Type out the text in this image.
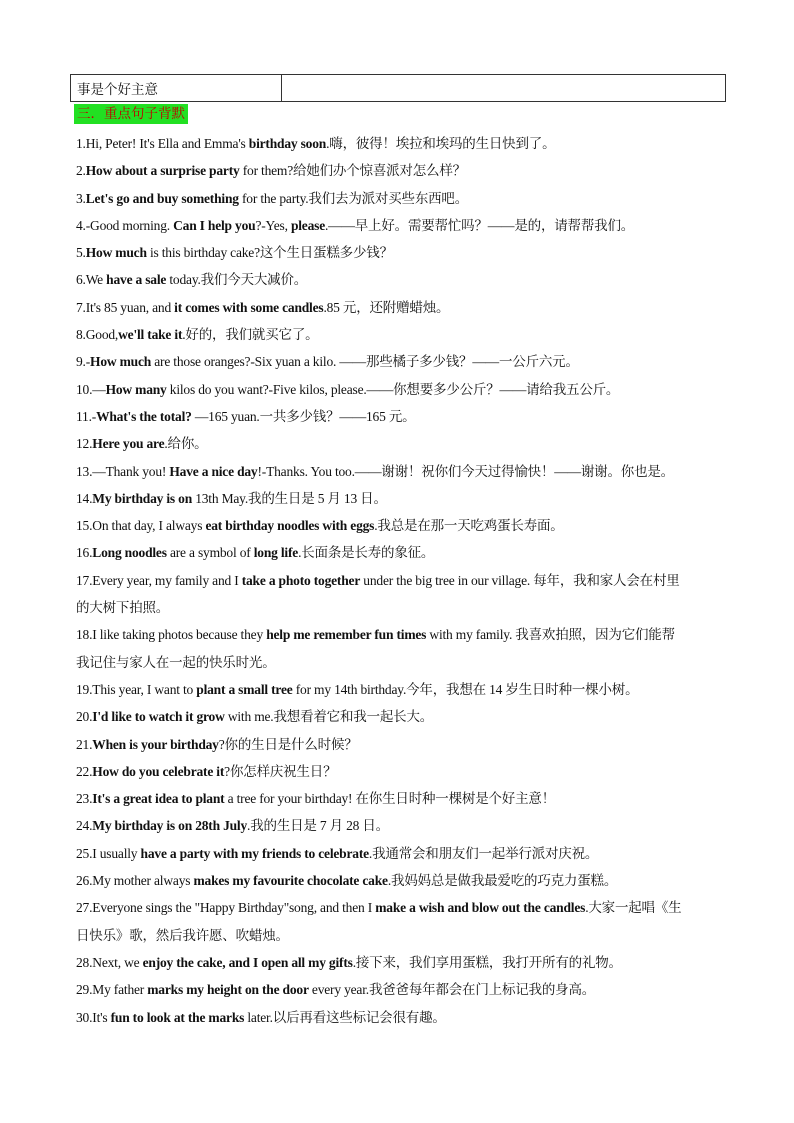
事是个好主意	
三．重点句子背默
1.Hi, Peter! It's Ella and Emma's birthday soon.嗨，彼得！埃拉和埃玛的生日快到了。
2.How about a surprise party for them?给她们办个惊喜派对怎么样？
3.Let's go and buy something for the party.我们去为派对买些东西吧。
4.-Good morning. Can I help you?-Yes, please.——早上好。需要帮忙吗？——是的，请帮帮我们。
5.How much is this birthday cake?这个生日蛋糕多少钱？
6.We have a sale today.我们今天大减价。
7.It's 85 yuan, and it comes with some candles.85 元，还附赠蜡烛。
8.Good,we'll take it.好的，我们就买它了。
9.-How much are those oranges?-Six yuan a kilo. ——那些橘子多少钱？——一公斤六元。
10.—How many kilos do you want?-Five kilos, please.——你想要多少公斤？——请给我五公斤。
11.-What's the total? —165 yuan.一共多少钱？——165 元。
12.Here you are.给你。
13.—Thank you! Have a nice day!-Thanks. You too.——谢谢！祝你们今天过得愉快！——谢谢。你也是。
14.My birthday is on 13th May.我的生日是 5 月 13 日。
15.On that day, I always eat birthday noodles with eggs.我总是在那一天吃鸡蛋长寿面。
16.Long noodles are a symbol of long life.长面条是长寿的象征。
17.Every year, my family and I take a photo together under the big tree in our village. 每年，我和家人会在村里
的大树下拍照。
18.I like taking photos because they help me remember fun times with my family. 我喜欢拍照，因为它们能帮
我记住与家人在一起的快乐时光。
19.This year, I want to plant a small tree for my 14th birthday.今年，我想在 14 岁生日时种一棵小树。
20.I'd like to watch it grow with me.我想看着它和我一起长大。
21.When is your birthday?你的生日是什么时候？
22.How do you celebrate it?你怎样庆祝生日？
23.It's a great idea to plant a tree for your birthday! 在你生日时种一棵树是个好主意！
24.My birthday is on 28th July.我的生日是 7 月 28 日。
25.I usually have a party with my friends to celebrate.我通常会和朋友们一起举行派对庆祝。
26.My mother always makes my favourite chocolate cake.我妈妈总是做我最爱吃的巧克力蛋糕。
27.Everyone sings the "Happy Birthday"song, and then I make a wish and blow out the candles.大家一起唱《生
日快乐》歌，然后我许愿、吹蜡烛。
28.Next, we enjoy the cake, and I open all my gifts.接下来，我们享用蛋糕，我打开所有的礼物。
29.My father marks my height on the door every year.我爸爸每年都会在门上标记我的身高。
30.It's fun to look at the marks later.以后再看这些标记会很有趣。
